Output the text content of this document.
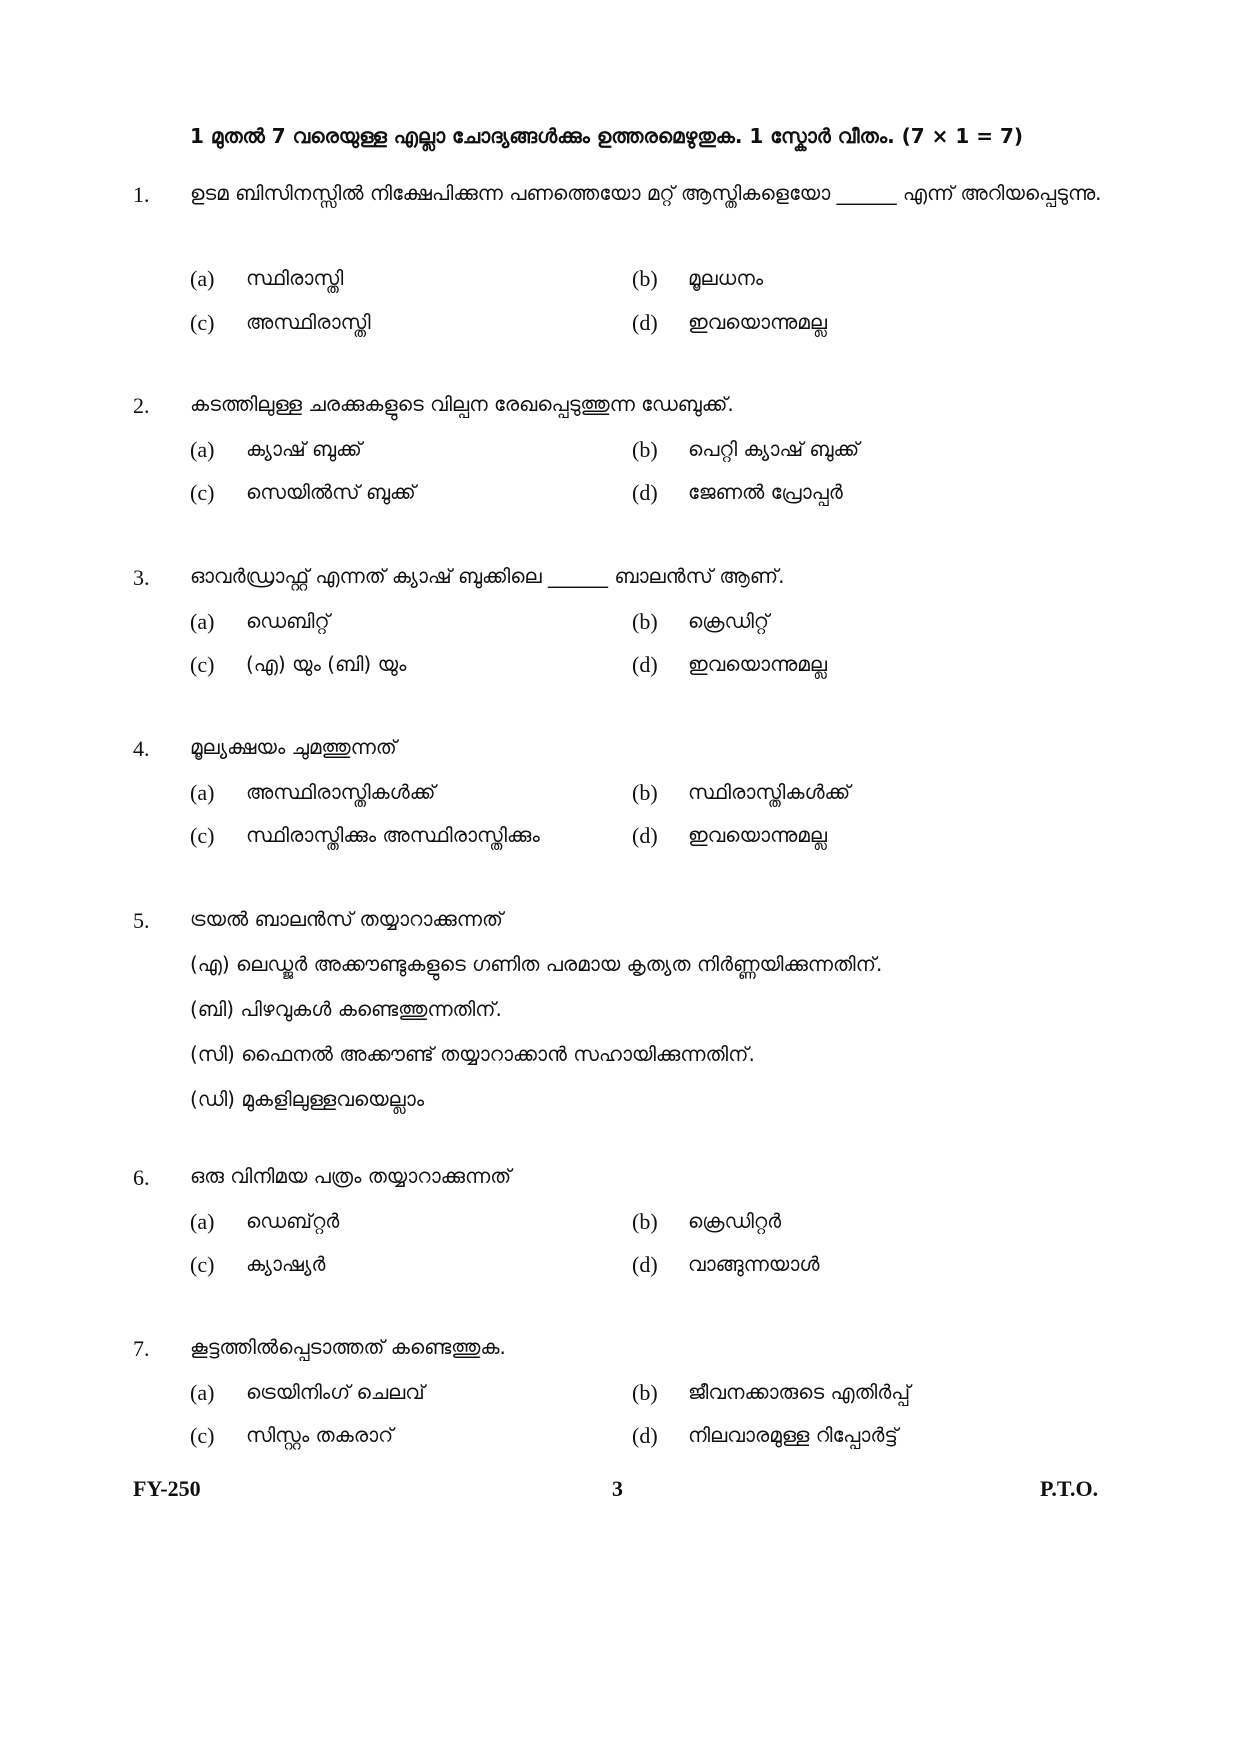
1 മുതൽ 7 വരെയുള്ള എല്ലാ ചോദ്യങ്ങൾക്കും ഉത്തരമെഴുതുക. 1 സ്കോർ വീതം. (7 × 1 = 7)
1. ഉടമ ബിസിനസ്സിൽ നിക്ഷേപിക്കുന്ന പണത്തെയോ മറ്റ് ആസ്തികളെയോ ______ എന്ന് അറിയപ്പെടുന്നു.
(a) സ്ഥിരാസ്തി	(b) മൂലധനം
(c) അസ്ഥിരാസ്തി	(d) ഇവയൊന്നുമല്ല
2. കടത്തിലുള്ള ചരക്കുകളുടെ വില്പന രേഖപ്പെടുത്തുന്ന ഡേബുക്ക്.
(a) ക്യാഷ് ബുക്ക്	(b) പെറ്റി ക്യാഷ് ബുക്ക്
(c) സെയിൽസ് ബുക്ക്	(d) ജേണൽ പ്രോപ്പർ
3. ഓവർഡ്രാഫ്റ്റ് എന്നത് ക്യാഷ് ബുക്കിലെ ______ ബാലൻസ് ആണ്.
(a) ഡെബിറ്റ്	(b) ക്രെഡിറ്റ്
(c) (എ) യും (ബി) യും	(d) ഇവയൊന്നുമല്ല
4. മൂല്യക്ഷയം ചുമത്തുന്നത്
(a) അസ്ഥിരാസ്തികൾക്ക്	(b) സ്ഥിരാസ്തികൾക്ക്
(c) സ്ഥിരാസ്തിക്കും അസ്ഥിരാസ്തിക്കും	(d) ഇവയൊന്നുമല്ല
5. ട്രയൽ ബാലൻസ് തയ്യാറാക്കുന്നത്
(എ) ലെഡ്ജർ അക്കൗണ്ടുകളുടെ ഗണിത പരമായ കൃത്യത നിർണ്ണയിക്കുന്നതിന്.
(ബി) പിഴവുകൾ കണ്ടെത്തുന്നതിന്.
(സി) ഫൈനൽ അക്കൗണ്ട് തയ്യാറാക്കാൻ സഹായിക്കുന്നതിന്.
(ഡി) മുകളിലുള്ളവയെല്ലാം
6. ഒരു വിനിമയ പത്രം തയ്യാറാക്കുന്നത്
(a) ഡെബ്റ്റർ	(b) ക്രെഡിറ്റർ
(c) ക്യാഷ്യർ	(d) വാങ്ങുന്നയാൾ
7. കൂട്ടത്തിൽപ്പെടാത്തത് കണ്ടെത്തുക.
(a) ട്രെയിനിംഗ് ചെലവ്	(b) ജീവനക്കാരുടെ എതിർപ്പ്
(c) സിസ്റ്റം തകരാറ്	(d) നിലവാരമുള്ള റിപ്പോർട്ട്
FY-250	3	P.T.O.
